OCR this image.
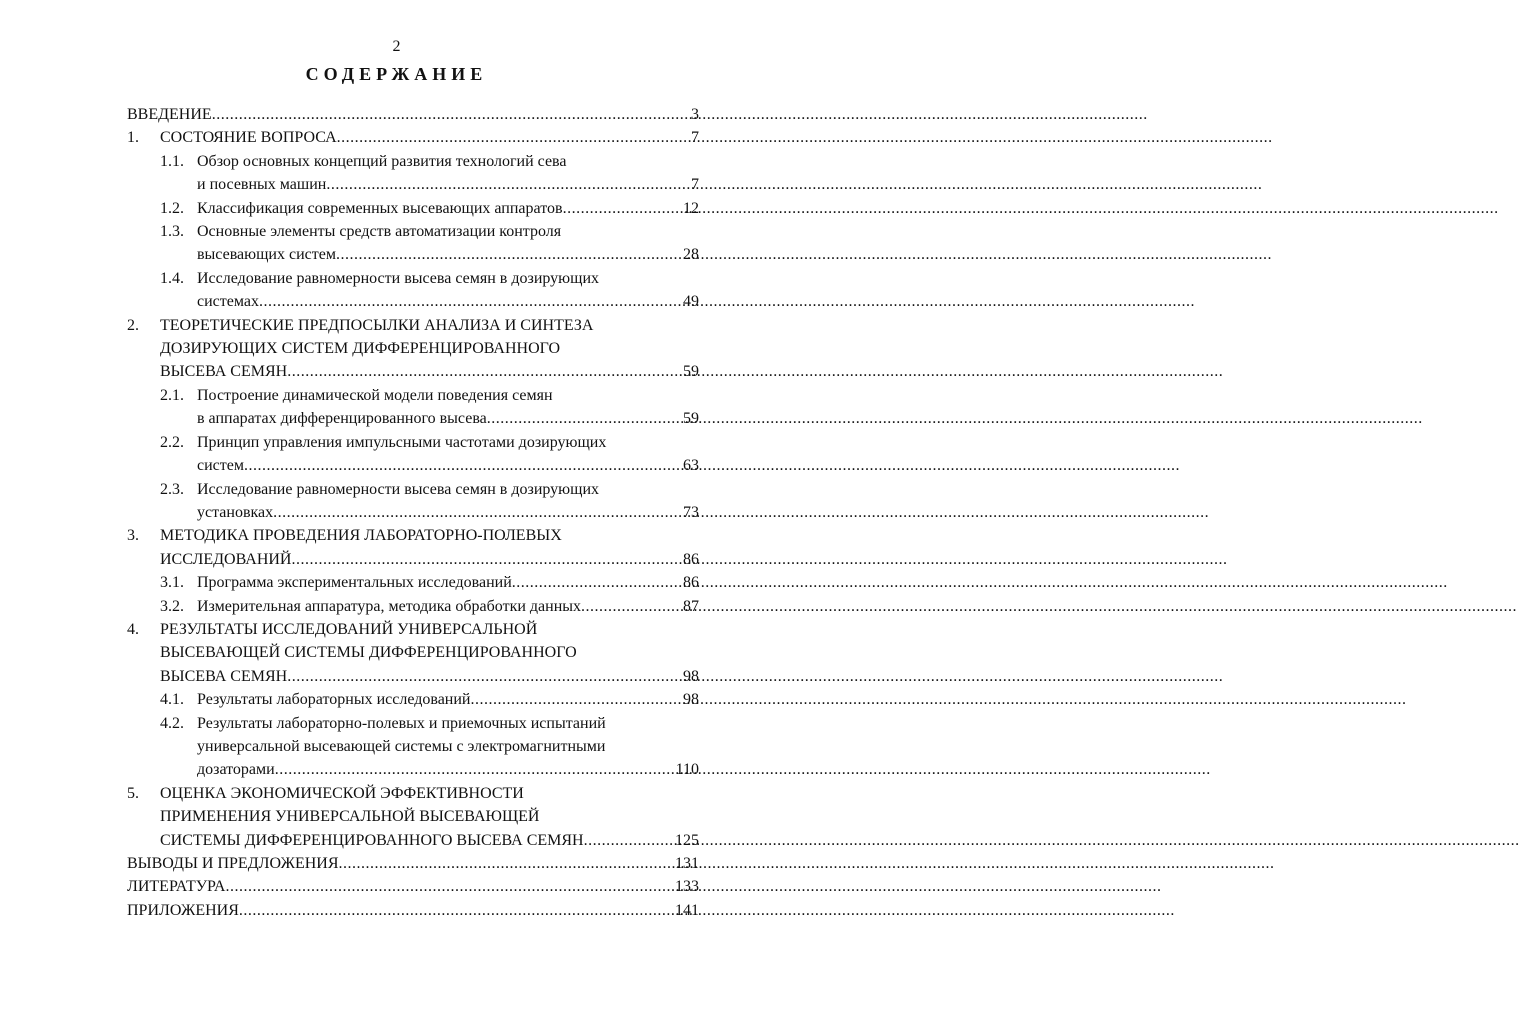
2
СОДЕРЖАНИЕ
ВВЕДЕНИЕ .....	3
1.	СОСТОЯНИЕ ВОПРОСА .....	7
1.1. Обзор основных концепций развития технологий сева
и посевных машин .....	7
1.2. Классификация современных высевающих аппаратов .....	12
1.3. Основные элементы средств автоматизации контроля
высевающих систем .....	28
1.4. Исследование равномерности высева семян в дозирующих
системах .....	49
2.	ТЕОРЕТИЧЕСКИЕ ПРЕДПОСЫЛКИ АНАЛИЗА И СИНТЕЗА
ДОЗИРУЮЩИХ СИСТЕМ ДИФФЕРЕНЦИРОВАННОГО
ВЫСЕВА СЕМЯН .....	59
2.1. Построение динамической модели поведения семян
в аппаратах дифференцированного высева .....	59
2.2. Принцип управления импульсными частотами дозирующих
систем .....	63
2.3. Исследование равномерности высева семян в дозирующих
установках .....	73
3.	МЕТОДИКА ПРОВЕДЕНИЯ ЛАБОРАТОРНО-ПОЛЕВЫХ
ИССЛЕДОВАНИЙ .....	86
3.1. Программа экспериментальных исследований .....	86
3.2. Измерительная аппаратура, методика обработки данных .....	87
4.	РЕЗУЛЬТАТЫ ИССЛЕДОВАНИЙ УНИВЕРСАЛЬНОЙ
ВЫСЕВАЮЩЕЙ СИСТЕМЫ ДИФФЕРЕНЦИРОВАННОГО
ВЫСЕВА СЕМЯН .....	98
4.1. Результаты лабораторных исследований .....	98
4.2. Результаты лабораторно-полевых и приемочных испытаний
универсальной высевающей системы с электромагнитными
дозаторами .....	110
5.	ОЦЕНКА ЭКОНОМИЧЕСКОЙ ЭФФЕКТИВНОСТИ
ПРИМЕНЕНИЯ УНИВЕРСАЛЬНОЙ ВЫСЕВАЮЩЕЙ
СИСТЕМЫ ДИФФЕРЕНЦИРОВАННОГО ВЫСЕВА СЕМЯН .....	125
ВЫВОДЫ И ПРЕДЛОЖЕНИЯ .....	131
ЛИТЕРАТУРА .....	133
ПРИЛОЖЕНИЯ .....	141
